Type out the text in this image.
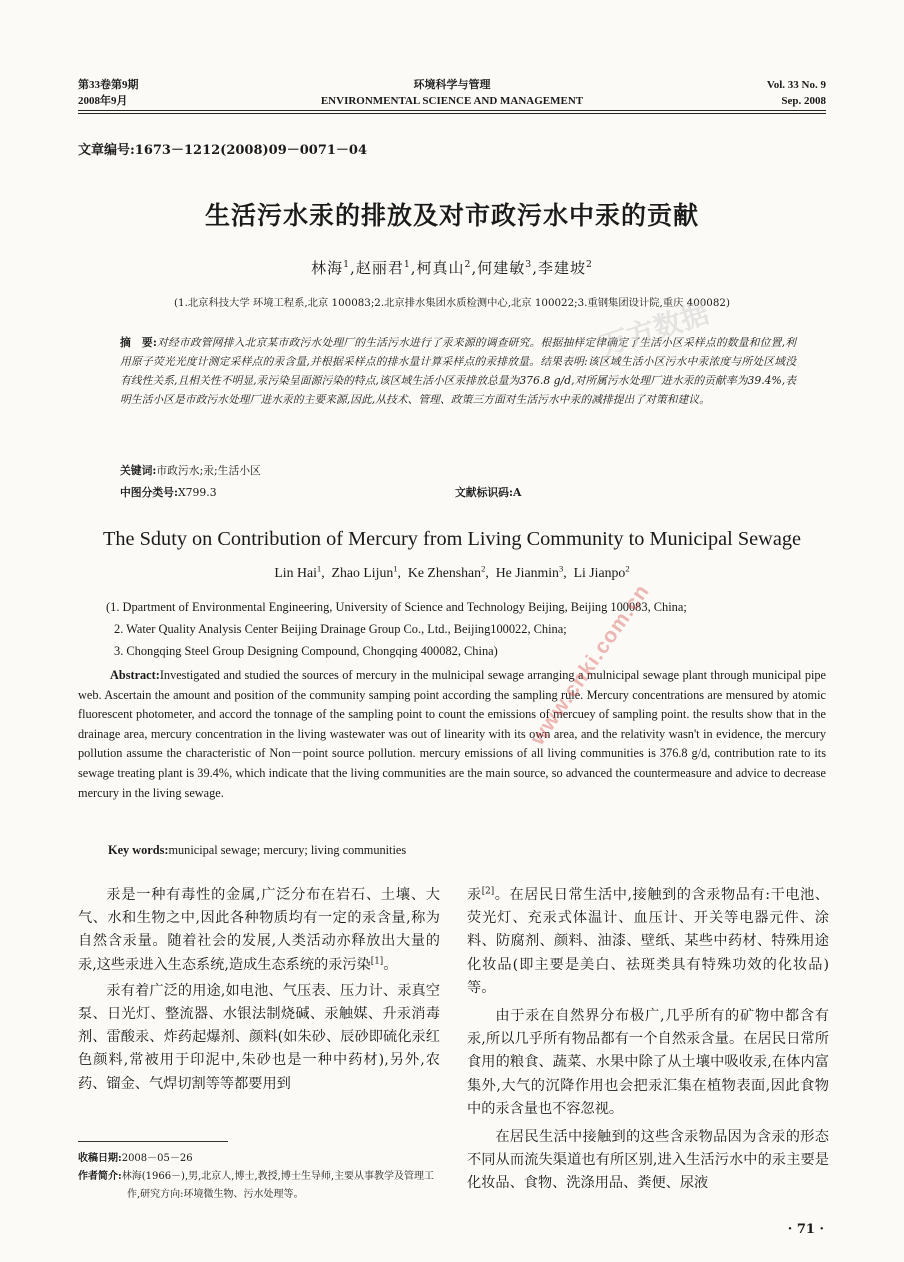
第33卷第9期
2008年9月
环境科学与管理
ENVIRONMENTAL SCIENCE AND MANAGEMENT
Vol. 33 No. 9
Sep. 2008
文章编号:1673－1212(2008)09－0071－04
生活污水汞的排放及对市政污水中汞的贡献
林海$^1$,赵丽君$^1$,柯真山$^2$,何建敏$^3$,李建坡$^2$
(1.北京科技大学 环境工程系,北京 100083;2.北京排水集团水质检测中心,北京 100022;3.重钢集团设计院,重庆 400082)
摘　要:对经市政管网排入北京某市政污水处理厂的生活污水进行了汞来源的调查研究。根据抽样定律确定了生活小区采样点的数量和位置,利用原子荧光光度计测定采样点的汞含量,并根据采样点的排水量计算采样点的汞排放量。结果表明:该区域生活小区污水中汞浓度与所处区域没有线性关系,且相关性不明显,汞污染呈面源污染的特点,该区域生活小区汞排放总量为376.8 g/d,对所属污水处理厂进水汞的贡献率为39.4%,表明生活小区是市政污水处理厂进水汞的主要来源,因此,从技术、管理、政策三方面对生活污水中汞的减排提出了对策和建议。
关键词:市政污水;汞;生活小区
中图分类号:X799.3	文献标识码:A
The Sduty on Contribution of Mercury from Living Community to Municipal Sewage
Lin Hai$^1$,  Zhao Lijun$^1$,  Ke Zhenshan$^2$,  He Jianmin$^3$,  Li Jianpo$^2$
(1. Dpartment of Environmental Engineering, University of Science and Technology Beijing, Beijing 100083, China;
2. Water Quality Analysis Center Beijing Drainage Group Co., Ltd., Beijing100022, China;
3. Chongqing Steel Group Designing Compound, Chongqing 400082, China)
Abstract:Investigated and studied the sources of mercury in the mulnicipal sewage arranging a mulnicipal sewage plant through municipal pipe web. Ascertain the amount and position of the community samping point according the sampling rule. Mercury concentrations are mensured by atomic fluorescent photometer, and accord the tonnage of the sampling point to count the emissions of mercuey of sampling point. the results show that in the drainage area, mercury concentration in the living wastewater was out of linearity with its own area, and the relativity wasn't in evidence, the mercury pollution assume the characteristic of Non－point source pollution. mercury emissions of all living communities is 376.8 g/d, contribution rate to its sewage treating plant is 39.4%, which indicate that the living communities are the main source, so advanced the countermeasure and advice to decrease mercury in the living sewage.
Key words:municipal sewage; mercury; living communities

汞是一种有毒性的金属,广泛分布在岩石、土壤、大气、水和生物之中,因此各种物质均有一定的汞含量,称为自然含汞量。随着社会的发展,人类活动亦释放出大量的汞,这些汞进入生态系统,造成生态系统的汞污染[1]。

汞有着广泛的用途,如电池、气压表、压力计、汞真空泵、日光灯、整流器、水银法制烧碱、汞触媒、升汞消毒剂、雷酸汞、炸药起爆剂、颜料(如朱砂、辰砂即硫化汞红色颜料,常被用于印泥中,朱砂也是一种中药材),另外,农药、镏金、气焊切割等等都要用到

收稿日期:2008－05－26
作者简介:林海(1966－),男,北京人,博士,教授,博士生导师,主要从事教学及管理工作,研究方向:环境微生物、污水处理等。

汞[2]。在居民日常生活中,接触到的含汞物品有:干电池、荧光灯、充汞式体温计、血压计、开关等电器元件、涂料、防腐剂、颜料、油漆、壁纸、某些中药材、特殊用途化妆品(即主要是美白、祛斑类具有特殊功效的化妆品)等。

由于汞在自然界分布极广,几乎所有的矿物中都含有汞,所以几乎所有物品都有一个自然汞含量。在居民日常所食用的粮食、蔬菜、水果中除了从土壤中吸收汞,在体内富集外,大气的沉降作用也会把汞汇集在植物表面,因此食物中的汞含量也不容忽视。

在居民生活中接触到的这些含汞物品因为含汞的形态不同从而流失渠道也有所区别,进入生活污水中的汞主要是化妆品、食物、洗涤用品、粪便、尿液

· 71 ·
www.cnki.com.cn
万方数据
